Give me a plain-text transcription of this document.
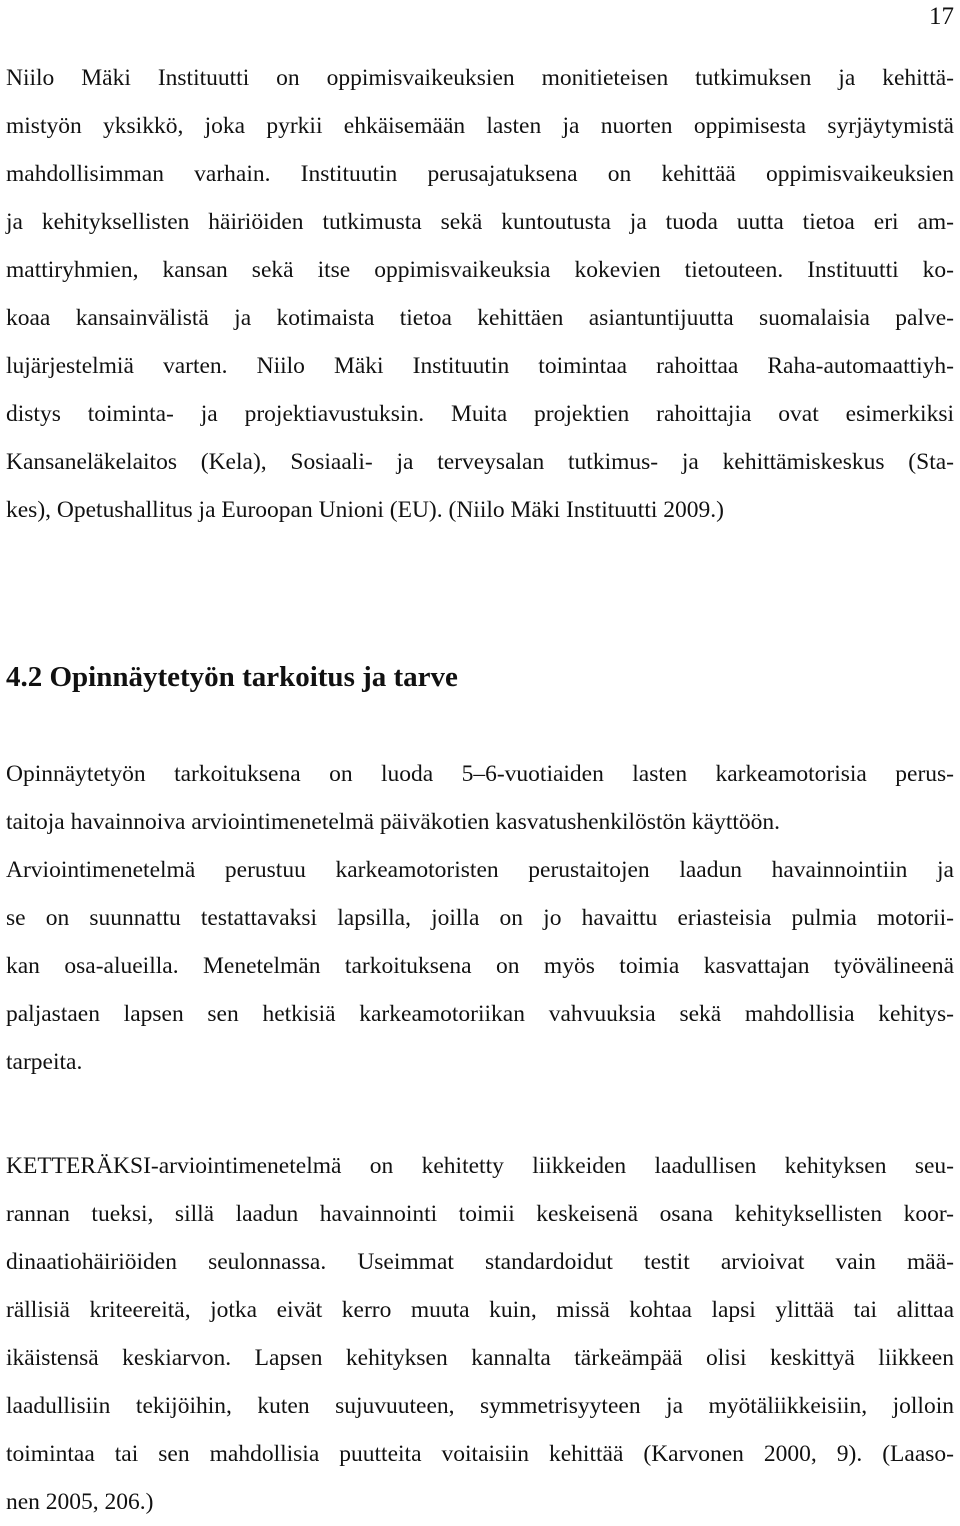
17
Niilo Mäki Instituutti on oppimisvaikeuksien monitieteisen tutkimuksen ja kehittä-
mistyön yksikkö, joka pyrkii ehkäisemään lasten ja nuorten oppimisesta syrjäytymistä
mahdollisimman varhain. Instituutin perusajatuksena on kehittää oppimisvaikeuksien
ja kehityksellisten häiriöiden tutkimusta sekä kuntoutusta ja tuoda uutta tietoa eri am-
mattiryhmien, kansan sekä itse oppimisvaikeuksia kokevien tietouteen. Instituutti ko-
koaa kansainvälistä ja kotimaista tietoa kehittäen asiantuntijuutta suomalaisia palve-
lujärjestelmiä varten. Niilo Mäki Instituutin toimintaa rahoittaa Raha-automaattiyh-
distys toiminta- ja projektiavustuksin. Muita projektien rahoittajia ovat esimerkiksi
Kansaneläkelaitos (Kela), Sosiaali- ja terveysalan tutkimus- ja kehittämiskeskus (Sta-
kes), Opetushallitus ja Euroopan Unioni (EU). (Niilo Mäki Instituutti 2009.)
4.2 Opinnäytetyön tarkoitus ja tarve
Opinnäytetyön tarkoituksena on luoda 5–6-vuotiaiden lasten karkeamotorisia perus-
taitoja havainnoiva arviointimenetelmä päiväkotien kasvatushenkilöstön käyttöön.
Arviointimenetelmä perustuu karkeamotoristen perustaitojen laadun havainnointiin ja
se on suunnattu testattavaksi lapsilla, joilla on jo havaittu eriasteisia pulmia motorii-
kan osa-alueilla. Menetelmän tarkoituksena on myös toimia kasvattajan työvälineenä
paljastaen lapsen sen hetkisiä karkeamotoriikan vahvuuksia sekä mahdollisia kehitys-
tarpeita.
KETTERÄKSI-arviointimenetelmä on kehitetty liikkeiden laadullisen kehityksen seu-
rannan tueksi, sillä laadun havainnointi toimii keskeisenä osana kehityksellisten koor-
dinaatiohäiriöiden seulonnassa. Useimmat standardoidut testit arvioivat vain mää-
rällisiä kriteereitä, jotka eivät kerro muuta kuin, missä kohtaa lapsi ylittää tai alittaa
ikäistensä keskiarvon. Lapsen kehityksen kannalta tärkeämpää olisi keskittyä liikkeen
laadullisiin tekijöihin, kuten sujuvuuteen, symmetrisyyteen ja myötäliikkeisiin, jolloin
toimintaa tai sen mahdollisia puutteita voitaisiin kehittää (Karvonen 2000, 9). (Laaso-
nen 2005, 206.)
